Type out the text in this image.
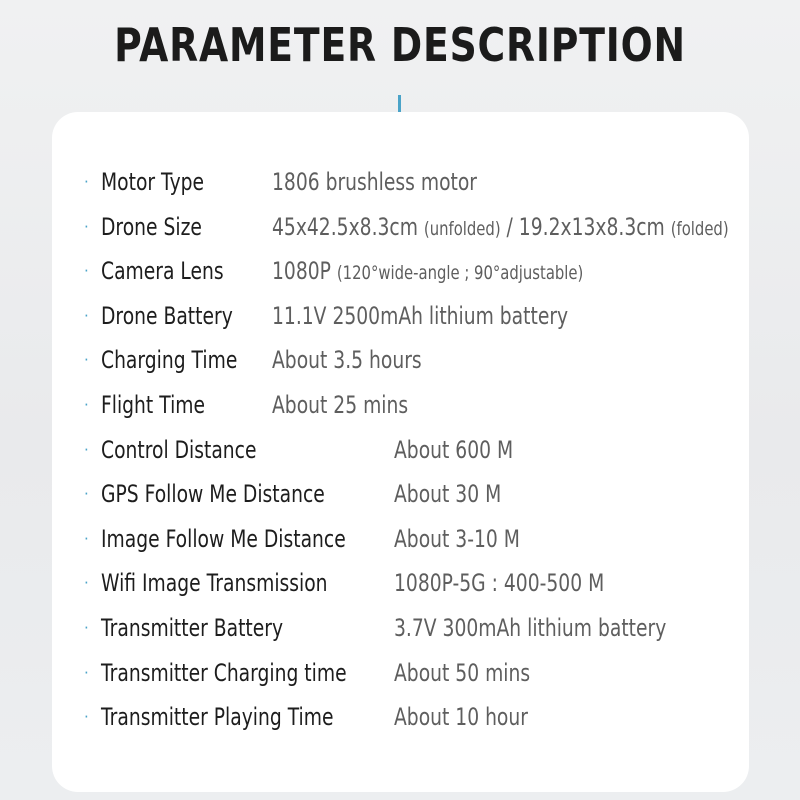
PARAMETER DESCRIPTION
· Motor Type	1806 brushless motor
· Drone Size	45x42.5x8.3cm (unfolded) / 19.2x13x8.3cm (folded)
· Camera Lens 1080P (120°wide-angle ; 90°adjustable)
· Drone Battery 11.1V 2500mAh lithium battery
· Charging Time About 3.5 hours
· Flight Time	About 25 mins
· Control Distance	About 600 M
· GPS Follow Me Distance	About 30 M
· Image Follow Me Distance About 3-10 M
· Wifi Image Transmission	1080P-5G : 400-500 M
· Transmitter Battery	3.7V 300mAh lithium battery
· Transmitter Charging time About 50 mins
· Transmitter Playing Time	About 10 hour
